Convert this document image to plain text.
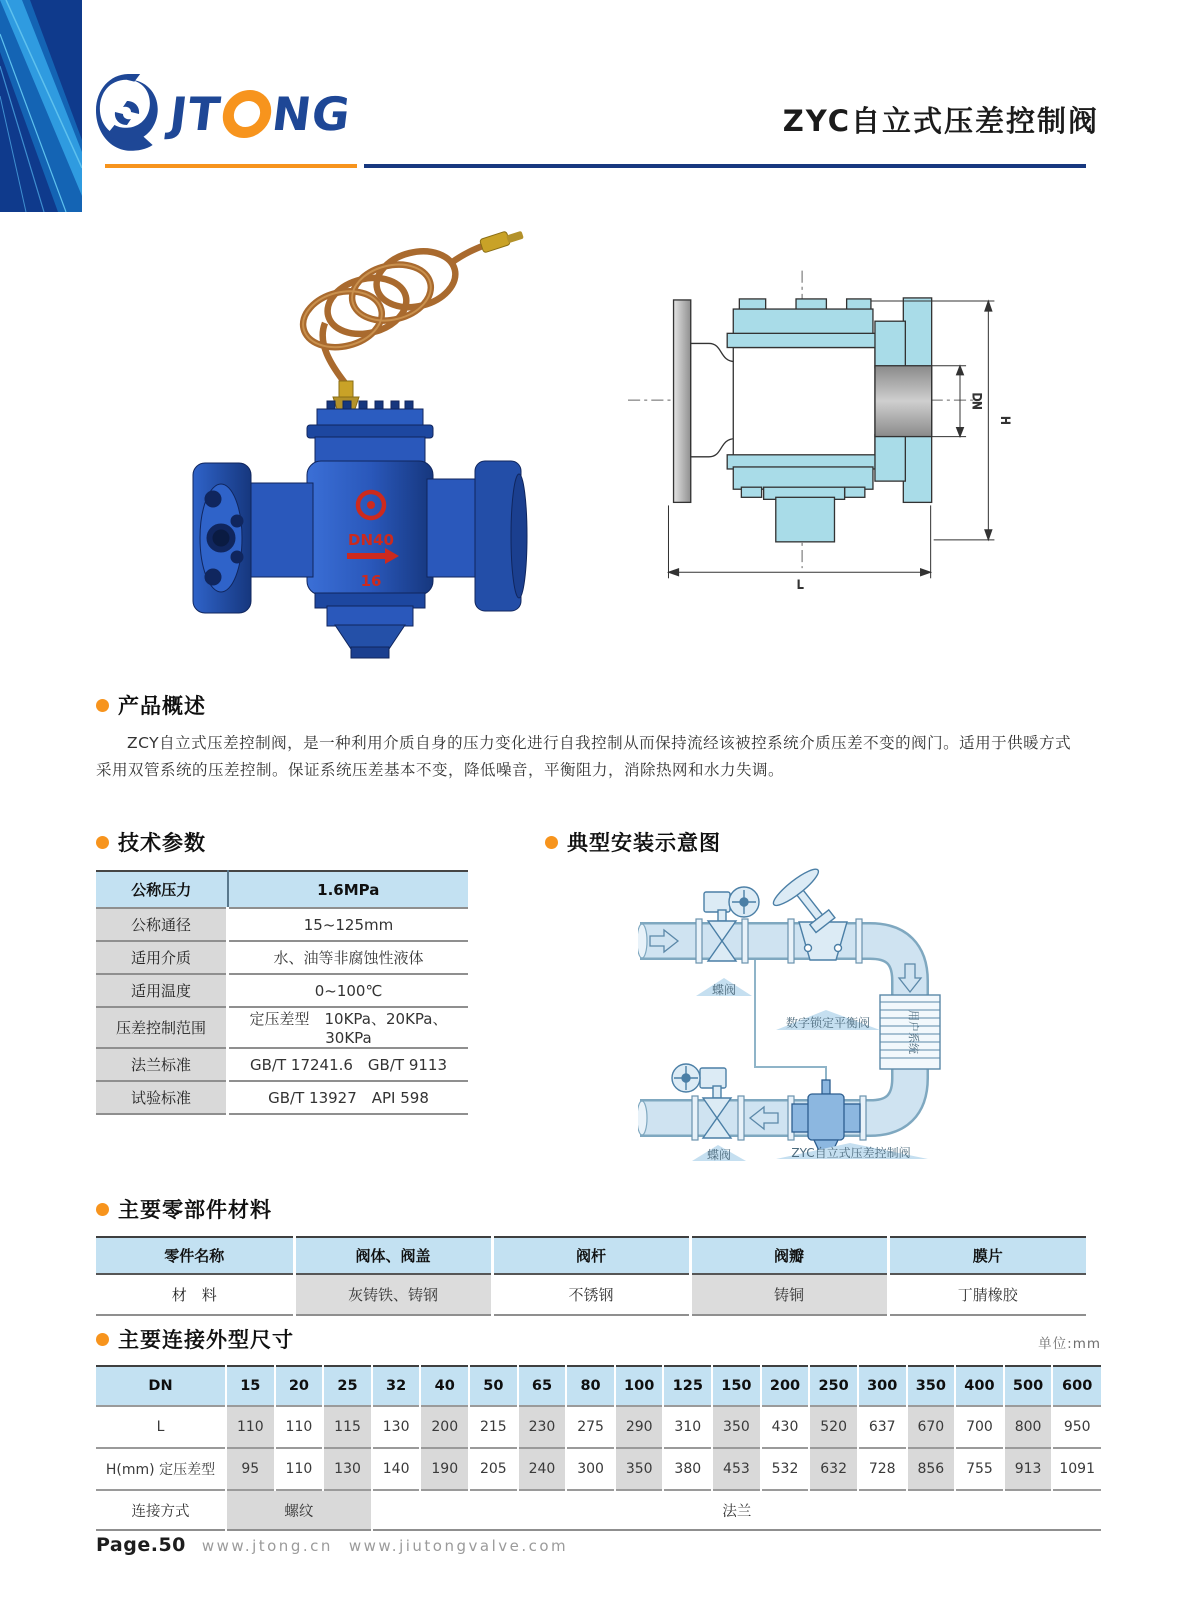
JT NG	ZYC自立式压差控制阀
DN40
16
DN
H
L
产品概述

ZCY自立式压差控制阀，是一种利用介质自身的压力变化进行自我控制从而保持流经该被控系统介质压差不变的阀门。适用于供暖方式采用双管系统的压差控制。保证系统压差基本不变，降低噪音，平衡阻力，消除热网和水力失调。

技术参数
公称压力	1.6MPa
公称通径	15~125mm
适用介质	水、油等非腐蚀性液体
适用温度	0~100℃
压差控制范围	定压差型　10KPa、20KPa、30KPa
法兰标准	GB/T 17241.6　GB/T 9113
试验标准	GB/T 13927　API 598
典型安装示意图
用户系统
蝶阀
数字锁定平衡阀
蝶阀	ZYC自立式压差控制阀
主要零部件材料
零件名称	阀体、阀盖	阀杆	阀瓣	膜片
材　料	灰铸铁、铸钢	不锈钢	铸铜	丁腈橡胶
主要连接外型尺寸	单位:mm
DN	15	20	25	32	40	50	65	80	100	125	150	200	250	300	350	400	500	600
L	110	110	115	130	200	215	230	275	290	310	350	430	520	637	670	700	800	950
H(mm) 定压差型	95	110	130	140	190	205	240	300	350	380	453	532	632	728	856	755	913	1091
连接方式	螺纹			法兰														
Page.50 www.jtong.cn www.jiutongvalve.com
